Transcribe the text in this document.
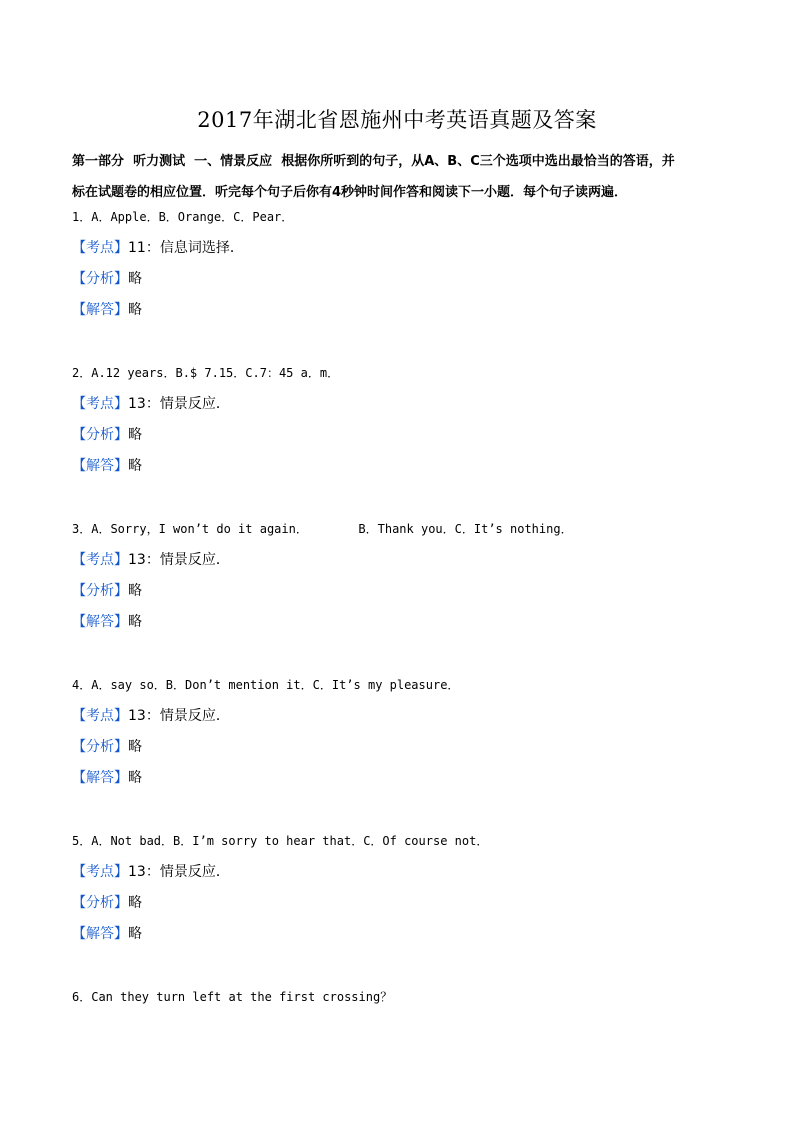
2017年湖北省恩施州中考英语真题及答案
第一部分 听力测试 一、情景反应 根据你所听到的句子，从A、B、C三个选项中选出最恰当的答语，并
标在试题卷的相应位置．听完每个句子后你有4秒钟时间作答和阅读下一小题．每个句子读两遍．
1．A．Apple．B．Orange．C．Pear．
【考点】11：信息词选择．
【分析】略
【解答】略
2．A.12 years．B.$ 7.15．C.7：45 a．m．
【考点】13：情景反应．
【分析】略
【解答】略
3．A．Sorry，I won’t do it again．       B．Thank you．C．It’s nothing．
【考点】13：情景反应．
【分析】略
【解答】略
4．A．say so．B．Don’t mention it．C．It’s my pleasure．
【考点】13：情景反应．
【分析】略
【解答】略
5．A．Not bad．B．I’m sorry to hear that．C．Of course not．
【考点】13：情景反应．
【分析】略
【解答】略
6．Can they turn left at the first crossing？
